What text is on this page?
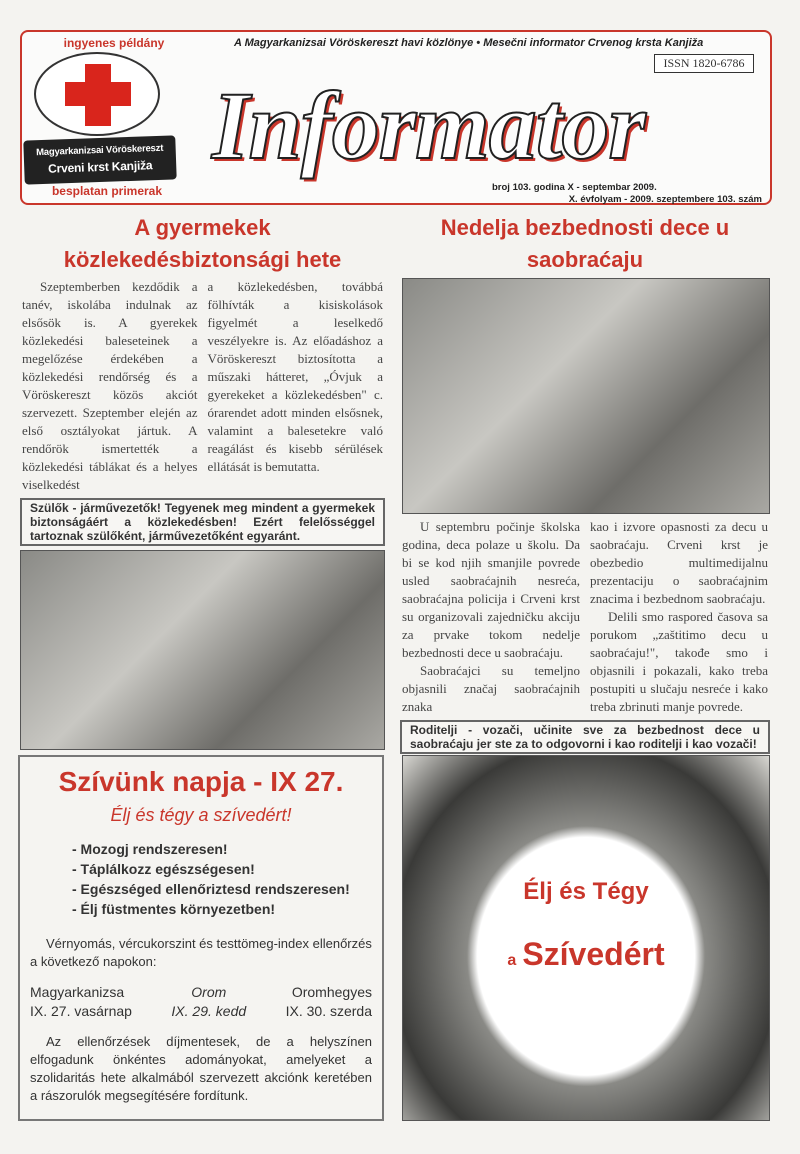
ingyenes példány
Magyarkanizsai Vöröskereszt
Crveni krst Kanjiža
besplatan primerak
A Magyarkanizsai Vöröskereszt havi közlönye • Mesečni informator Crvenog krsta Kanjiža
Informator
ISSN 1820-6786
broj 103. godina X - septembar 2009.
X. évfolyam - 2009. szeptembere 103. szám
A gyermekek közlekedésbiztonsági hete

Szeptemberben kezdődik a tanév, iskolába indulnak az elsősök is. A gyerekek közlekedési baleseteinek a megelőzése érdekében a közlekedési rendőrség és a Vöröskereszt közös akciót szervezett. Szeptember elején az első osztályokat jártuk. A rendőrök ismertették a közlekedési táblákat és a helyes viselkedést

a közlekedésben, továbbá fölhívták a kisiskolások figyelmét a leselkedő veszélyekre is. Az előadáshoz a Vöröskereszt biztosította a műszaki hátteret, „Óvjuk a gyerekeket a közlekedésben" c. órarendet adott minden elsősnek, valamint a balesetekre való reagálást és kisebb sérülések ellátását is bemutatta.

Szülők - járművezetők! Tegyenek meg mindent a gyermekek biztonságáért a közlekedésben! Ezért felelősséggel tartoznak szülőként, járművezetőként egyaránt.
Nedelja bezbednosti dece u saobraćaju

U septembru počinje školska godina, deca polaze u školu. Da bi se kod njih smanjile povrede usled saobraćajnih nesreća, saobraćajna policija i Crveni krst su organizovali zajedničku akciju za prvake tokom nedelje bezbednosti dece u saobraćaju.

Saobraćajci su temeljno objasnili značaj saobraćajnih znaka

kao i izvore opasnosti za decu u saobraćaju. Crveni krst je obezbedio multimedijalnu prezentaciju o saobraćajnim znacima i bezbednom saobraćaju.

Delili smo raspored časova sa porukom „zaštitimo decu u saobraćaju!", takođe smo i objasnili i pokazali, kako treba postupiti u slučaju nesreće i kako treba zbrinuti manje povrede.

Roditelji - vozači, učinite sve za bezbednost dece u saobraćaju jer ste za to odgovorni i kao roditelji i kao vozači!
Szívünk napja - IX 27.
Élj és tégy a szívedért!
- Mozogj rendszeresen!
- Táplálkozz egészségesen!
- Egészséged ellenőriztesd rendszeresen!
- Élj füstmentes környezetben!
Vérnyomás, vércukorszint és testtömeg-index ellenőrzés a következő napokon:
Magyarkanizsa
IX. 27. vasárnap
Orom
IX. 29. kedd
Oromhegyes
IX. 30. szerda
Az ellenőrzések díjmentesek, de a helyszínen elfogadunk önkéntes adományokat, amelyeket a szolidaritás hete alkalmából szervezett akciónk keretében a rászorulók megsegítésére fordítunk.
Élj és Tégy
a Szívedért
